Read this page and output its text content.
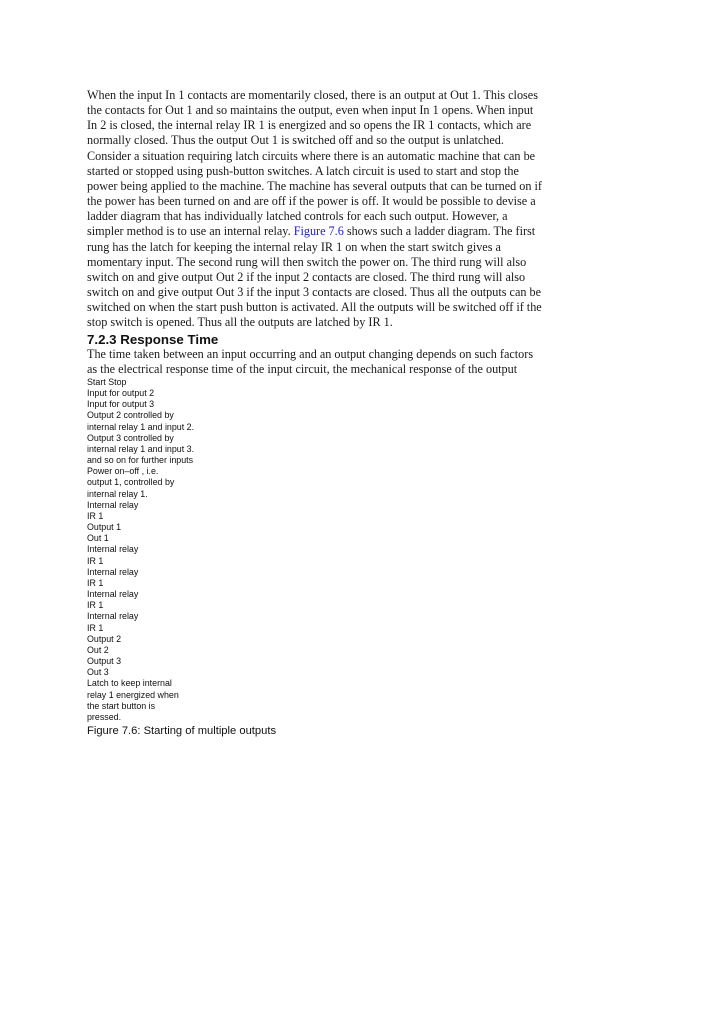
When the input In 1 contacts are momentarily closed, there is an output at Out 1. This closes
the contacts for Out 1 and so maintains the output, even when input In 1 opens. When input
In 2 is closed, the internal relay IR 1 is energized and so opens the IR 1 contacts, which are
normally closed. Thus the output Out 1 is switched off and so the output is unlatched.
Consider a situation requiring latch circuits where there is an automatic machine that can be
started or stopped using push-button switches. A latch circuit is used to start and stop the
power being applied to the machine. The machine has several outputs that can be turned on if
the power has been turned on and are off if the power is off. It would be possible to devise a
ladder diagram that has individually latched controls for each such output. However, a
simpler method is to use an internal relay. Figure 7.6 shows such a ladder diagram. The first
rung has the latch for keeping the internal relay IR 1 on when the start switch gives a
momentary input. The second rung will then switch the power on. The third rung will also
switch on and give output Out 2 if the input 2 contacts are closed. The third rung will also
switch on and give output Out 3 if the input 3 contacts are closed. Thus all the outputs can be
switched on when the start push button is activated. All the outputs will be switched off if the
stop switch is opened. Thus all the outputs are latched by IR 1.

7.2.3 Response Time

The time taken between an input occurring and an output changing depends on such factors
as the electrical response time of the input circuit, the mechanical response of the output

Start Stop
Input for output 2
Input for output 3
Output 2 controlled by
internal relay 1 and input 2.
Output 3 controlled by
internal relay 1 and input 3.
and so on for further inputs
Power on–off , i.e.
output 1, controlled by
internal relay 1.
Internal relay
IR 1
Output 1
Out 1
Internal relay
IR 1
Internal relay
IR 1
Internal relay
IR 1
Internal relay
IR 1
Output 2
Out 2
Output 3
Out 3
Latch to keep internal
relay 1 energized when
the start button is
pressed.

Figure 7.6: Starting of multiple outputs
